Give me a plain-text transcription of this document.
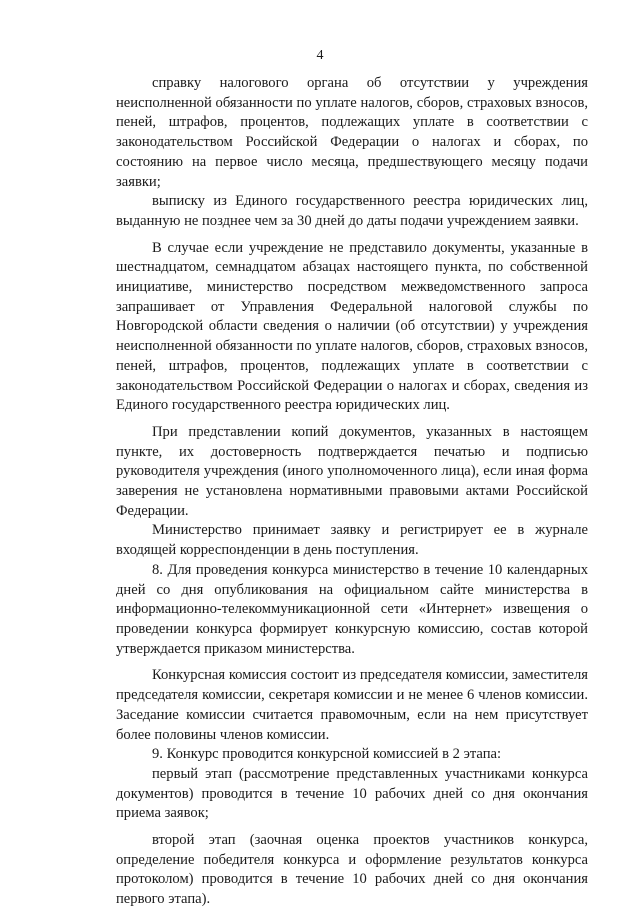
4

справку налогового органа об отсутствии у учреждения неисполненной обязанности по уплате налогов, сборов, страховых взносов, пеней, штрафов, процентов, подлежащих уплате в соответствии с законодательством Российской Федерации о налогах и сборах, по состоянию на первое число месяца, предшествующего месяцу подачи заявки;

выписку из Единого государственного реестра юридических лиц, выданную не позднее чем за 30 дней до даты подачи учреждением заявки.

В случае если учреждение не представило документы, указанные в шестнадцатом, семнадцатом абзацах настоящего пункта, по собственной инициативе, министерство посредством межведомственного запроса запрашивает от Управления Федеральной налоговой службы по Новгородской области сведения о наличии (об отсутствии) у учреждения неисполненной обязанности по уплате налогов, сборов, страховых взносов, пеней, штрафов, процентов, подлежащих уплате в соответствии с законодательством Российской Федерации о налогах и сборах, сведения из Единого государственного реестра юридических лиц.

При представлении копий документов, указанных в настоящем пункте, их достоверность подтверждается печатью и подписью руководителя учреждения (иного уполномоченного лица), если иная форма заверения не установлена нормативными правовыми актами Российской Федерации.

Министерство принимает заявку и регистрирует ее в журнале входящей корреспонденции в день поступления.

8. Для проведения конкурса министерство в течение 10 календарных дней со дня опубликования на официальном сайте министерства в информационно-телекоммуникационной сети «Интернет» извещения о проведении конкурса формирует конкурсную комиссию, состав которой утверждается приказом министерства.

Конкурсная комиссия состоит из председателя комиссии, заместителя председателя комиссии, секретаря комиссии и не менее 6 членов комиссии. Заседание комиссии считается правомочным, если на нем присутствует более половины членов комиссии.

9. Конкурс проводится конкурсной комиссией в 2 этапа:

первый этап (рассмотрение представленных участниками конкурса документов) проводится в течение 10 рабочих дней со дня окончания приема заявок;

второй этап (заочная оценка проектов участников конкурса, определение победителя конкурса и оформление результатов конкурса протоколом) проводится в течение 10 рабочих дней со дня окончания первого этапа).
